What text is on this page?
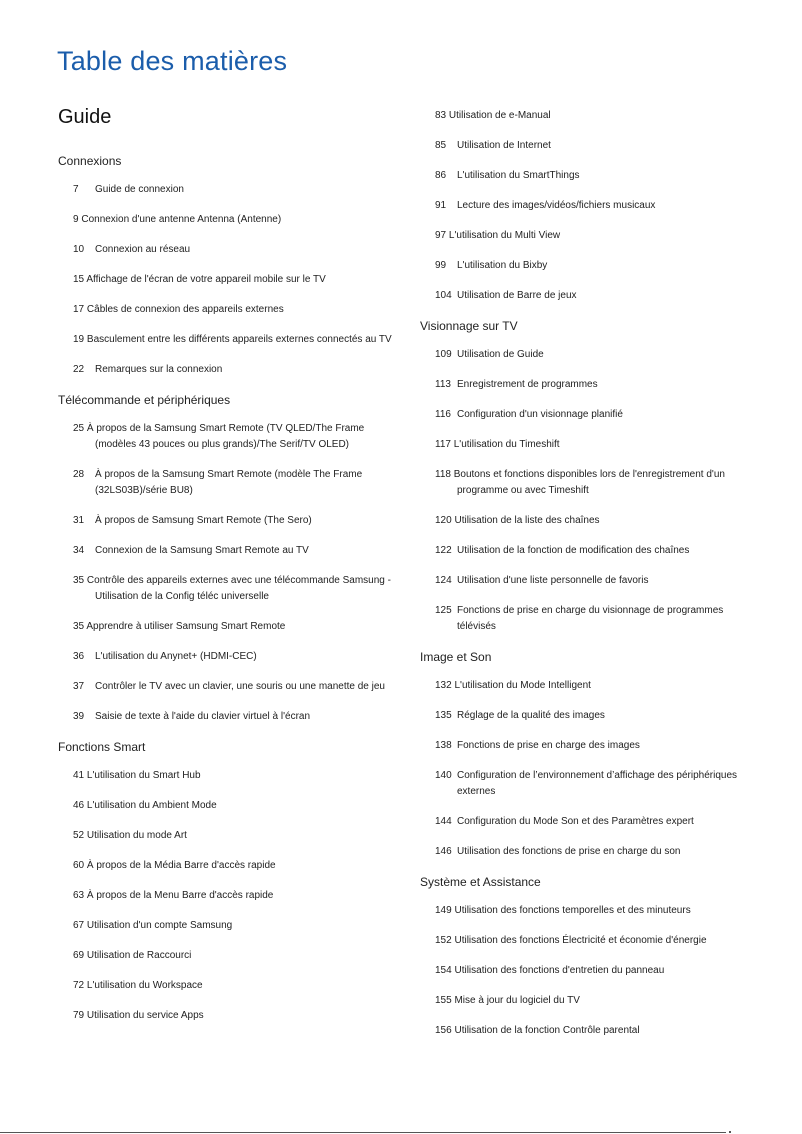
Table des matières
Guide
Connexions
7 Guide de connexion
9 Connexion d'une antenne Antenna (Antenne)
10 Connexion au réseau
15 Affichage de l'écran de votre appareil mobile sur le TV
17 Câbles de connexion des appareils externes
19 Basculement entre les différents appareils externes connectés au TV
22 Remarques sur la connexion
Télécommande et périphériques
25 À propos de la Samsung Smart Remote (TV QLED/The Frame (modèles 43 pouces ou plus grands)/The Serif/TV OLED)
28 À propos de la Samsung Smart Remote (modèle The Frame (32LS03B)/série BU8)
31 À propos de Samsung Smart Remote (The Sero)
34 Connexion de la Samsung Smart Remote au TV
35 Contrôle des appareils externes avec une télécommande Samsung - Utilisation de la Config téléc universelle
35 Apprendre à utiliser Samsung Smart Remote
36 L'utilisation du Anynet+ (HDMI-CEC)
37 Contrôler le TV avec un clavier, une souris ou une manette de jeu
39 Saisie de texte à l'aide du clavier virtuel à l'écran
Fonctions Smart
41 L'utilisation du Smart Hub
46 L'utilisation du Ambient Mode
52 Utilisation du mode Art
60 À propos de la Média Barre d'accès rapide
63 À propos de la Menu Barre d'accès rapide
67 Utilisation d'un compte Samsung
69 Utilisation de Raccourci
72 L'utilisation du Workspace
79 Utilisation du service Apps
83 Utilisation de e-Manual
85 Utilisation de Internet
86 L'utilisation du SmartThings
91 Lecture des images/vidéos/fichiers musicaux
97 L'utilisation du Multi View
99 L'utilisation du Bixby
104 Utilisation de Barre de jeux
Visionnage sur TV
109 Utilisation de Guide
113 Enregistrement de programmes
116 Configuration d'un visionnage planifié
117 L'utilisation du Timeshift
118 Boutons et fonctions disponibles lors de l'enregistrement d'un programme ou avec Timeshift
120 Utilisation de la liste des chaînes
122 Utilisation de la fonction de modification des chaînes
124 Utilisation d'une liste personnelle de favoris
125 Fonctions de prise en charge du visionnage de programmes télévisés
Image et Son
132 L'utilisation du Mode Intelligent
135 Réglage de la qualité des images
138 Fonctions de prise en charge des images
140 Configuration de l’environnement d’affichage des périphériques externes
144 Configuration du Mode Son et des Paramètres expert
146 Utilisation des fonctions de prise en charge du son
Système et Assistance
149 Utilisation des fonctions temporelles et des minuteurs
152 Utilisation des fonctions Électricité et économie d'énergie
154 Utilisation des fonctions d'entretien du panneau
155 Mise à jour du logiciel du TV
156 Utilisation de la fonction Contrôle parental
